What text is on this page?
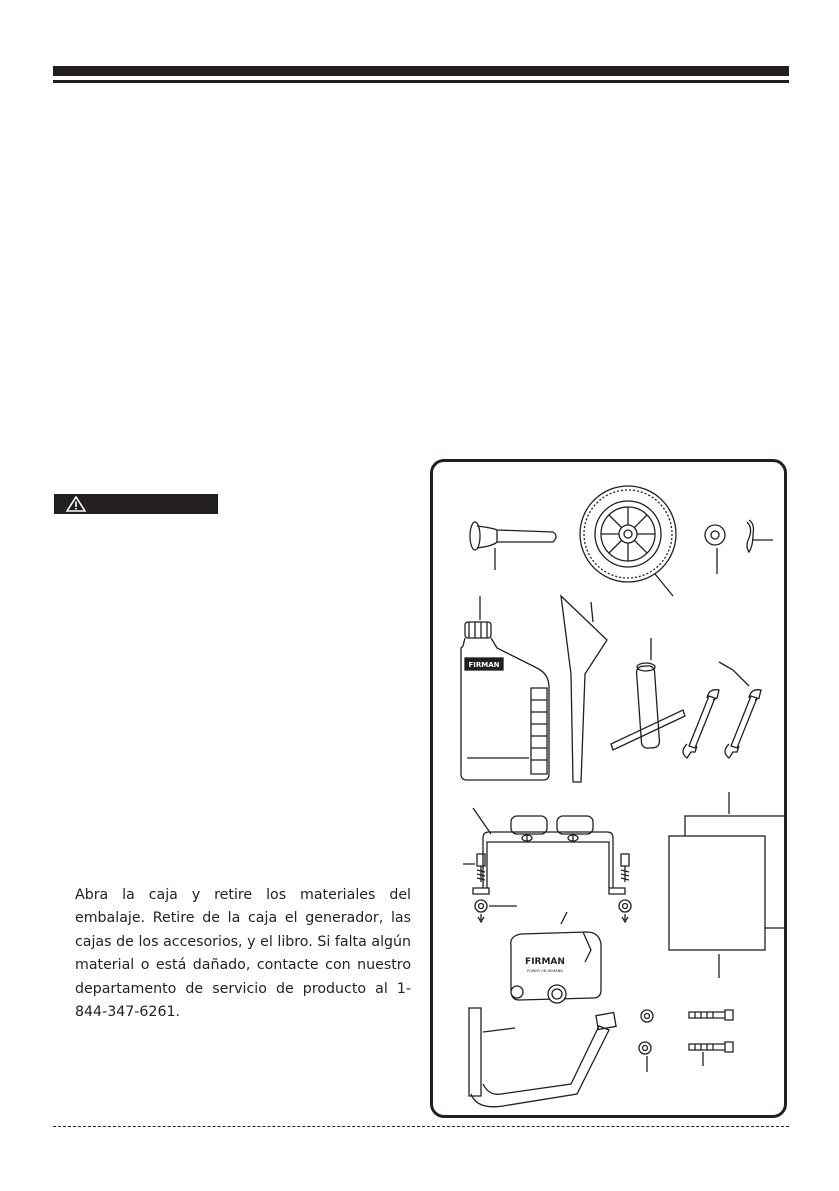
Abra la caja y retire los materiales del embalaje. Retire de la caja el generador, las cajas de los accesorios, y el libro. Si falta algún material o está dañado, contacte con nuestro departamento de servicio de producto al 1-844-347-6261.

FIRMAN
FIRMAN
POWER ON DEMAND
